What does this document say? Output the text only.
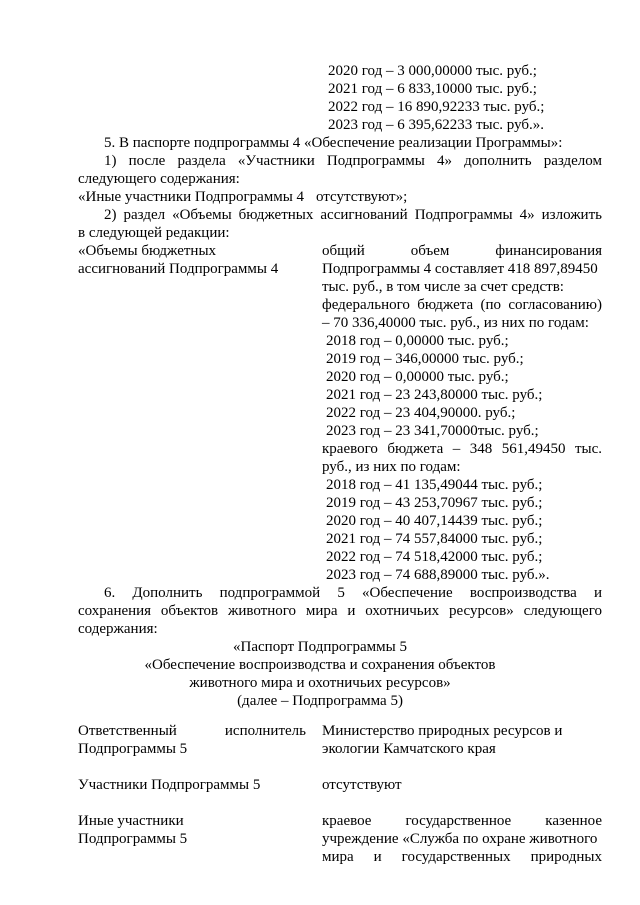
2020 год – 3 000,00000 тыс. руб.;
2021 год – 6 833,10000 тыс. руб.;
2022 год – 16 890,92233 тыс. руб.;
2023 год – 6 395,62233 тыс. руб.».
5. В паспорте подпрограммы 4 «Обеспечение реализации Программы»:
1) после раздела «Участники Подпрограммы 4» дополнить разделом
следующего содержания:
«Иные участники Подпрограммы 4 отсутствуют»;
2) раздел «Объемы бюджетных ассигнований Подпрограммы 4» изложить
в следующей редакции:
«Объемы бюджетных
ассигнований Подпрограммы 4
общий объем финансирования
Подпрограммы 4 составляет 418 897,89450
тыс. руб., в том числе за счет средств:
федерального бюджета (по согласованию)
– 70 336,40000 тыс. руб., из них по годам:
2018 год – 0,00000 тыс. руб.;
2019 год – 346,00000 тыс. руб.;
2020 год – 0,00000 тыс. руб.;
2021 год – 23 243,80000 тыс. руб.;
2022 год – 23 404,90000. руб.;
2023 год – 23 341,70000тыс. руб.;
краевого бюджета – 348 561,49450 тыс.
руб., из них по годам:
2018 год – 41 135,49044 тыс. руб.;
2019 год – 43 253,70967 тыс. руб.;
2020 год – 40 407,14439 тыс. руб.;
2021 год – 74 557,84000 тыс. руб.;
2022 год – 74 518,42000 тыс. руб.;
2023 год – 74 688,89000 тыс. руб.».
6. Дополнить подпрограммой 5 «Обеспечение воспроизводства и
сохранения объектов животного мира и охотничьих ресурсов» следующего
содержания:
«Паспорт Подпрограммы 5
«Обеспечение воспроизводства и сохранения объектов
животного мира и охотничьих ресурсов»
(далее – Подпрограмма 5)
Ответственный исполнитель
Подпрограммы 5
Министерство природных ресурсов и
экологии Камчатского края
Участники Подпрограммы 5	отсутствуют
Иные участники
Подпрограммы 5
краевое государственное казенное
учреждение «Служба по охране животного
мира и государственных природных
